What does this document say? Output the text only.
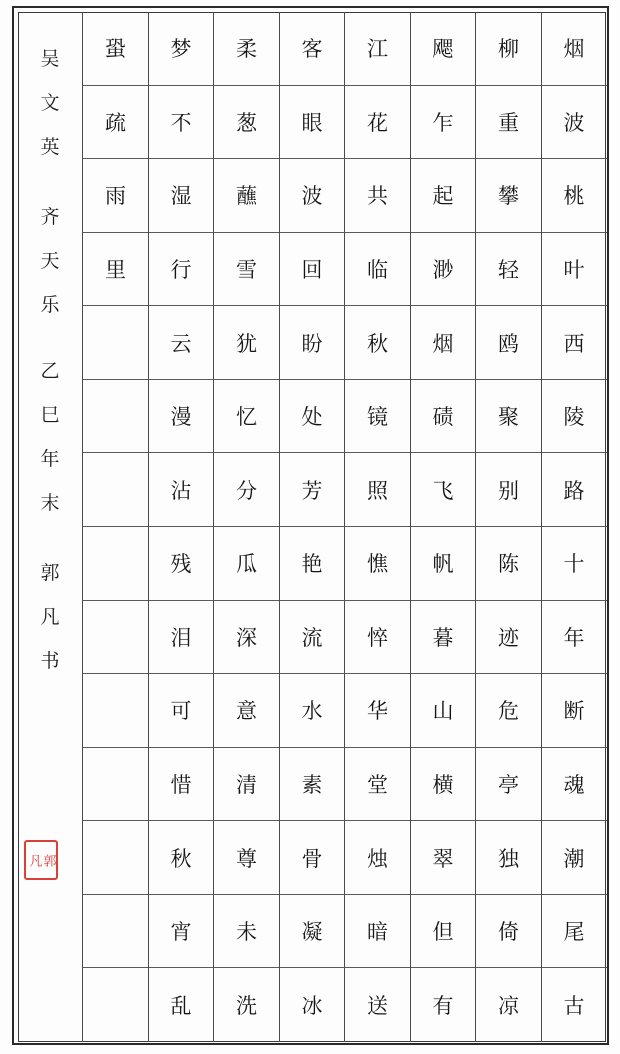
吴
文
英
齐
天
乐
乙
巳
年
末
郭
凡
书
凡 郭
烟
波
桃
叶
西
陵
路
十
年
断
魂
潮
尾
古
柳
重
攀
轻
鸥
聚
别
陈
迹
危
亭
独
倚
凉
飔
乍
起
渺
烟
碛
飞
帆
暮
山
横
翠
但
有
江
花
共
临
秋
镜
照
憔
悴
华
堂
烛
暗
送
客
眼
波
回
盼
处
芳
艳
流
水
素
骨
凝
冰
柔
葱
蘸
雪
犹
忆
分
瓜
深
意
清
尊
未
洗
梦
不
湿
行
云
漫
沾
残
泪
可
惜
秋
宵
乱
蛩
疏
雨
里
